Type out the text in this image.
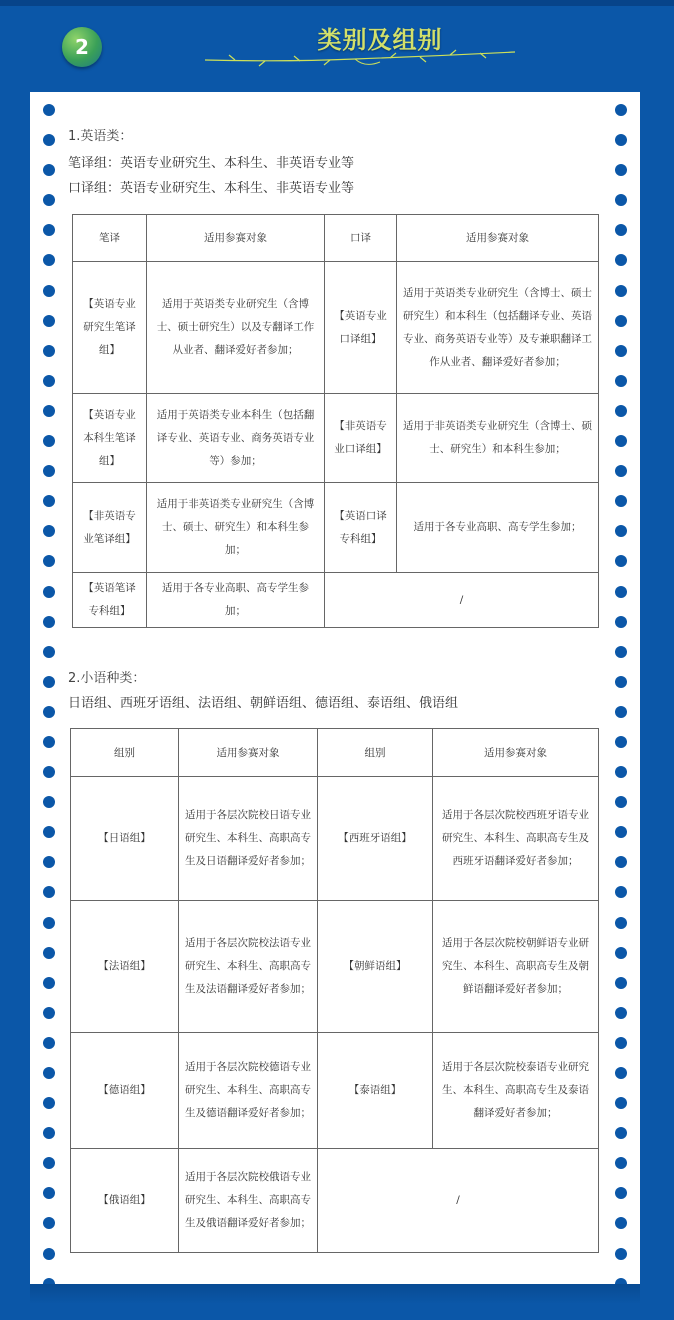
2	类别及组别
1.英语类：
笔译组：英语专业研究生、本科生、非英语专业等
口译组：英语专业研究生、本科生、非英语专业等
笔译	适用参赛对象	口译	适用参赛对象
【英语专业研究生笔译组】	适用于英语类专业研究生（含博士、硕士研究生）以及专翻译工作从业者、翻译爱好者参加；	【英语专业口译组】	适用于英语类专业研究生（含博士、硕士研究生）和本科生（包括翻译专业、英语专业、商务英语专业等）及专兼职翻译工作从业者、翻译爱好者参加；
【英语专业本科生笔译组】	适用于英语类专业本科生（包括翻译专业、英语专业、商务英语专业等）参加；	【非英语专业口译组】	适用于非英语类专业研究生（含博士、硕士、研究生）和本科生参加；
【非英语专业笔译组】	适用于非英语类专业研究生（含博士、硕士、研究生）和本科生参加；	【英语口译专科组】	适用于各专业高职、高专学生参加；
【英语笔译专科组】	适用于各专业高职、高专学生参加；	/	
2.小语种类：
日语组、西班牙语组、法语组、朝鲜语组、德语组、泰语组、俄语组
组别	适用参赛对象	组别	适用参赛对象
【日语组】	适用于各层次院校日语专业研究生、本科生、高职高专生及日语翻译爱好者参加；	【西班牙语组】	适用于各层次院校西班牙语专业研究生、本科生、高职高专生及西班牙语翻译爱好者参加；
【法语组】	适用于各层次院校法语专业研究生、本科生、高职高专生及法语翻译爱好者参加；	【朝鲜语组】	适用于各层次院校朝鲜语专业研究生、本科生、高职高专生及朝鲜语翻译爱好者参加；
【德语组】	适用于各层次院校德语专业研究生、本科生、高职高专生及德语翻译爱好者参加；	【泰语组】	适用于各层次院校泰语专业研究生、本科生、高职高专生及泰语翻译爱好者参加；
【俄语组】	适用于各层次院校俄语专业研究生、本科生、高职高专生及俄语翻译爱好者参加；	/	
